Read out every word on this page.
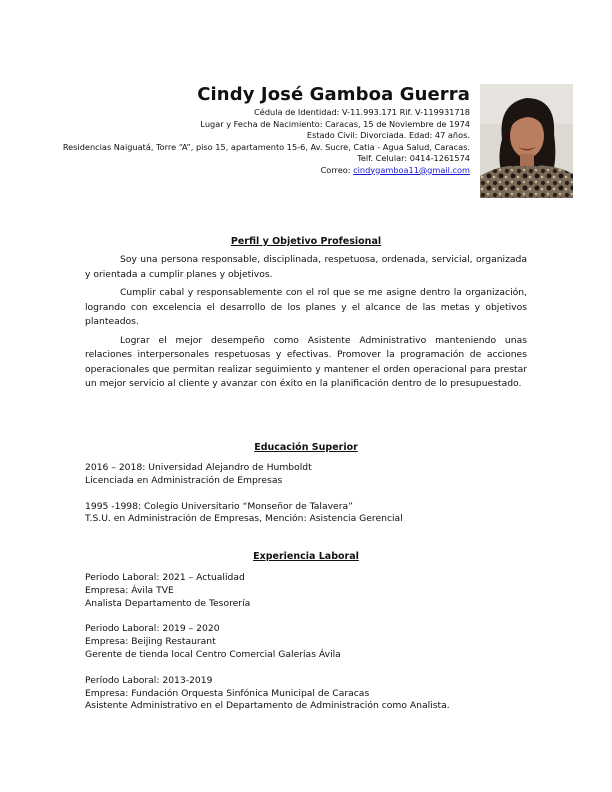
Cindy José Gamboa Guerra
Cédula de Identidad: V-11.993.171 Rif. V-119931718
Lugar y Fecha de Nacimiento: Caracas, 15 de Noviembre de 1974
Estado Civil: Divorciada. Edad: 47 años.
Residencias Naiguatá, Torre “A”, piso 15, apartamento 15-6, Av. Sucre, Catia - Agua Salud, Caracas.
Telf. Celular: 0414-1261574
Correo: cindygamboa11@gmail.com
Perfil y Objetivo Profesional

Soy una persona responsable, disciplinada, respetuosa, ordenada, servicial, organizada y orientada a cumplir planes y objetivos.

Cumplir cabal y responsablemente con el rol que se me asigne dentro la organización, logrando con excelencia el desarrollo de los planes y el alcance de las metas y objetivos planteados.

Lograr el mejor desempeño como Asistente Administrativo manteniendo unas relaciones interpersonales respetuosas y efectivas. Promover la programación de acciones operacionales que permitan realizar seguimiento y mantener el orden operacional para prestar un mejor servicio al cliente y avanzar con éxito en la planificación dentro de lo presupuestado.

Educación Superior
2016 – 2018: Universidad Alejandro de Humboldt
Licenciada en Administración de Empresas
1995 -1998: Colegio Universitario “Monseñor de Talavera”
T.S.U. en Administración de Empresas, Mención: Asistencia Gerencial
Experiencia Laboral
Periodo Laboral: 2021 – Actualidad
Empresa: Ávila TVE
Analista Departamento de Tesorería
Periodo Laboral: 2019 – 2020
Empresa: Beijing Restaurant
Gerente de tienda local Centro Comercial Galerías Ávila
Período Laboral: 2013-2019
Empresa: Fundación Orquesta Sinfónica Municipal de Caracas
Asistente Administrativo en el Departamento de Administración como Analista.
